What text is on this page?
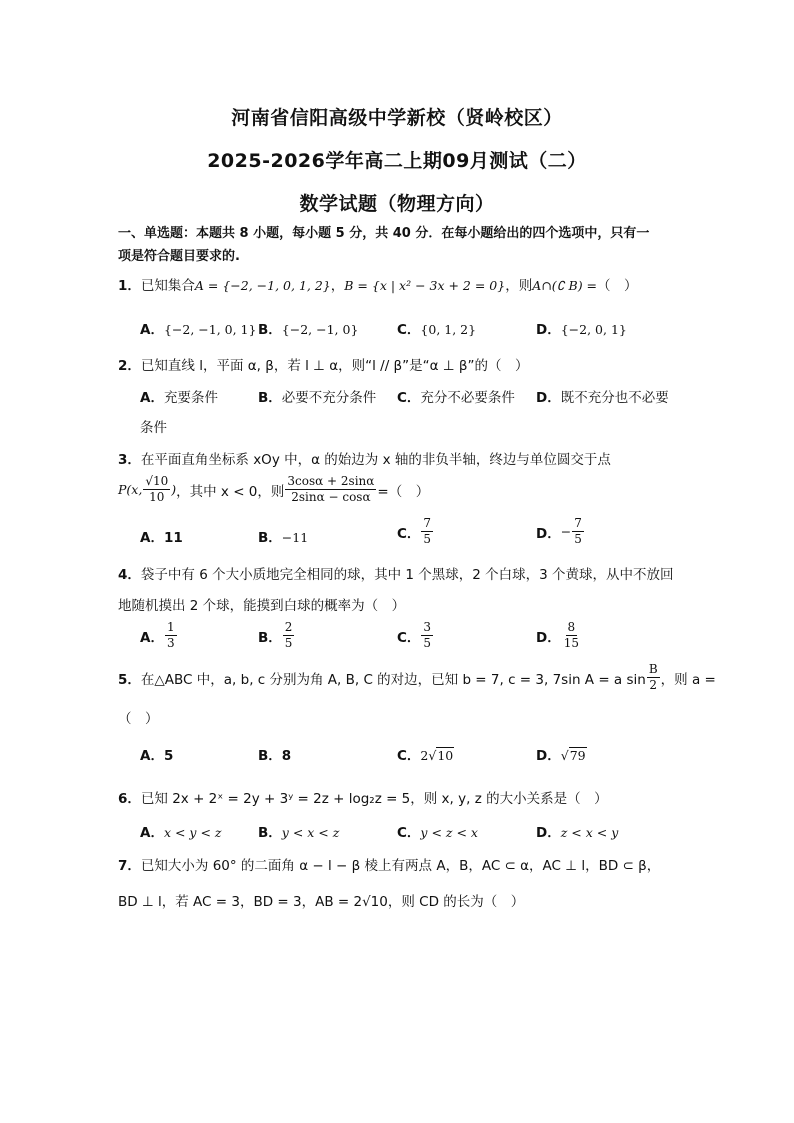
河南省信阳高级中学新校（贤岭校区）
2025-2026学年高二上期09月测试（二）
数学试题（物理方向）
一、单选题：本题共 8 小题，每小题 5 分，共 40 分．在每小题给出的四个选项中，只有一
项是符合题目要求的.
1．已知集合A = {−2, −1, 0, 1, 2}，B = {x | x² − 3x + 2 = 0}，则A∩(∁ B) =（　）
A．{−2, −1, 0, 1} B．{−2, −1, 0}	C．{0, 1, 2}	D．{−2, 0, 1}
2．已知直线 l，平面 α, β，若 l ⊥ α，则“l // β”是“α ⊥ β”的（　）
A．充要条件	B．必要不充分条件 C．充分不必要条件 D．既不充分也不必要
条件
3．在平面直角坐标系 xOy 中，α 的始边为 x 轴的非负半轴，终边与单位圆交于点
P(x, $\frac{√10}{10}$ ) ，其中 x < 0，则 $\frac{3\cos\alpha + 2\sin\alpha}{2\sin\alpha - \cos\alpha}$ =（　）
A．11	B．−11	C． $\frac{7}{5}$	D． − $\frac{7}{5}$
4．袋子中有 6 个大小质地完全相同的球，其中 1 个黑球，2 个白球，3 个黄球，从中不放回
地随机摸出 2 个球，能摸到白球的概率为（　）
A． $\frac{1}{3}$	B． $\frac{2}{5}$	C． $\frac{3}{5}$	D． $\frac{8}{15}$
5． 在△ABC 中，a, b, c 分别为角 A, B, C 的对边，已知 b = 7, c = 3, 7sin A = a $\sin \frac{B}{2}$ ，则 a =
（　）
A．5	B．8	C．2√10	D．√79
6．已知 2x + 2ˣ = 2y + 3ʸ = 2z + log₂z = 5，则 x, y, z 的大小关系是（　）
A．x < y < z	B．y < x < z	C．y < z < x	D．z < x < y
7．已知大小为 60° 的二面角 α − l − β 棱上有两点 A，B，AC ⊂ α，AC ⊥ l，BD ⊂ β，
BD ⊥ l，若 AC = 3，BD = 3，AB = 2√10，则 CD 的长为（　）
